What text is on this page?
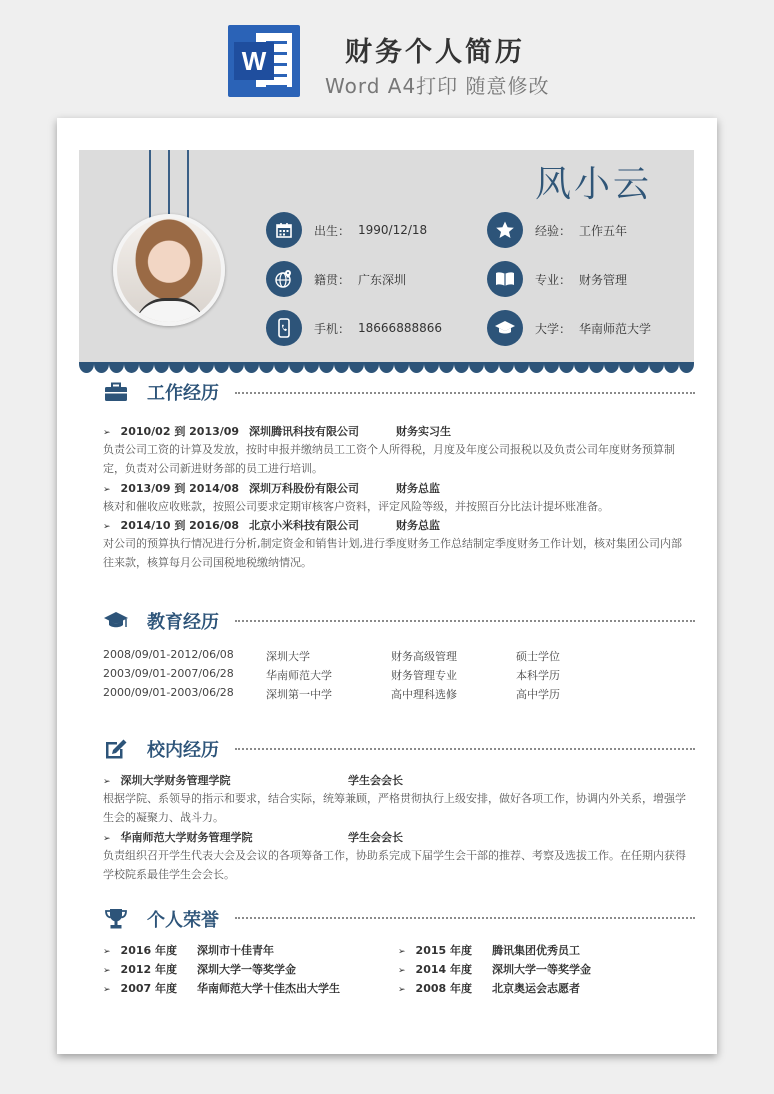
W	财务个人简历
Word A4打印 随意修改
风小云
出生： 1990/12/18
籍贯： 广东深圳
手机： 18666888866
经验： 工作五年
专业： 财务管理
大学： 华南师范大学
工作经历
➢ 2010/02 到 2013/09 深圳腾讯科技有限公司	财务实习生
负责公司工资的计算及发放，按时申报并缴纳员工工资个人所得税，月度及年度公司报税以及负责公司年度财务预算制定，负责对公司新进财务部的员工进行培训。
➢ 2013/09 到 2014/08 深圳万科股份有限公司	财务总监
核对和催收应收账款，按照公司要求定期审核客户资料，评定风险等级，并按照百分比法计提坏账准备。
➢ 2014/10 到 2016/08 北京小米科技有限公司	财务总监
对公司的预算执行情况进行分析,制定资金和销售计划,进行季度财务工作总结制定季度财务工作计划，核对集团公司内部往来款，核算每月公司国税地税缴纳情况。
教育经历
2008/09/01-2012/06/08	深圳大学	财务高级管理	硕士学位
2003/09/01-2007/06/28	华南师范大学	财务管理专业	本科学历
2000/09/01-2003/06/28	深圳第一中学	高中理科选修	高中学历
校内经历
➢ 深圳大学财务管理学院	学生会会长
根据学院、系领导的指示和要求，结合实际，统筹兼顾，严格贯彻执行上级安排，做好各项工作，协调内外关系，增强学生会的凝聚力、战斗力。
➢ 华南师范大学财务管理学院	学生会会长
负责组织召开学生代表大会及会议的各项筹备工作，协助系完成下届学生会干部的推荐、考察及选拔工作。在任期内获得学校院系最佳学生会会长。
个人荣誉
➢ 2016 年度 深圳市十佳青年
➢ 2012 年度 深圳大学一等奖学金
➢ 2007 年度 华南师范大学十佳杰出大学生
➢ 2015 年度 腾讯集团优秀员工
➢ 2014 年度 深圳大学一等奖学金
➢ 2008 年度 北京奥运会志愿者
